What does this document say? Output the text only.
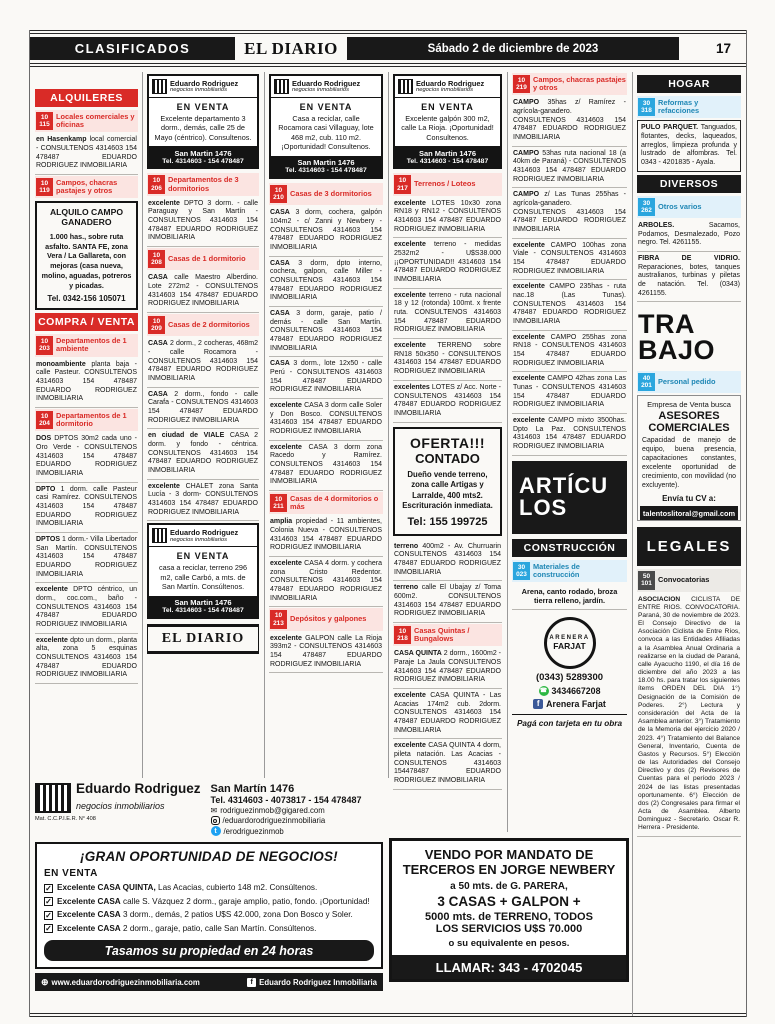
CLASIFICADOS	EL DIARIO	Sábado 2 de diciembre de 2023	17
ALQUILERES
10
115
Locales comerciales y oficinas

en Hasenkamp local comercial - CONSULTENOS 4314603 154 478487 EDUARDO RODRIGUEZ INMOBILIARIA

10
119
Campos, chacras pastajes y otros
ALQUILO CAMPO
GANADERO
1.000 has., sobre ruta asfalto. SANTA FE, zona Vera / La Gallareta, con mejoras (casa nueva, molino, aguadas, potreros y picadas.
Tel. 0342-156 105071
COMPRA / VENTA
10
203
Departamentos de 1 ambiente

monoambiente planta baja - calle Pasteur. CONSULTENOS 4314603 154 478487 EDUARDO RODRIGUEZ INMOBILIARIA

10
204
Departamentos de 1 dormitorio

DOS DPTOS 30m2 cada uno - Oro Verde - CONSULTENOS 4314603 154 478487 EDUARDO RODRIGUEZ INMOBILIARIA

DPTO 1 dorm. calle Pasteur casi Ramírez. CONSULTENOS 4314603 154 478487 EDUARDO RODRIGUEZ INMOBILIARIA

DPTOS 1 dorm.- Villa Libertador San Martín. CONSULTENOS 4314603 154 478487 EDUARDO RODRIGUEZ INMOBILIARIA

excelente DPTO céntrico, un dorm., coc.com., baño - CONSULTENOS 4314603 154 478487 EDUARDO RODRIGUEZ INMOBILIARIA

excelente dpto un dorm., planta alta, zona 5 esquinas CONSULTENOS 4314603 154 478487 EDUARDO RODRIGUEZ INMOBILIARIA

Eduardo Rodriguez
negocios inmobiliarios
EN VENTA
Excelente departamento 3 dorm., demás, calle 25 de Mayo (céntrico). Consultenos.
San Martin 1476
Tel. 4314603 - 154 478487
10
206
Departamentos de 3 dormitorios

excelente DPTO 3 dorm. - calle Paraguay y San Martín - CONSULTENOS 4314603 154 478487 EDUARDO RODRIGUEZ INMOBILIARIA

10
208 Casas de 1 dormitorio

CASA calle Maestro Alberdino. Lote 272m2 - CONSULTENOS 4314603 154 478487 EDUARDO RODRIGUEZ INMOBILIARIA

10
209 Casas de 2 dormitorios

CASA 2 dorm., 2 cocheras, 468m2 - calle Rocamora - CONSULTENOS 4314603 154 478487 EDUARDO RODRIGUEZ INMOBILIARIA

CASA 2 dorm., fondo - calle Carafa - CONSULTENOS 4314603 154 478487 EDUARDO RODRIGUEZ INMOBILIARIA

en ciudad de VIALE CASA 2 dorm. y fondo - céntrica. CONSULTENOS 4314603 154 478487 EDUARDO RODRIGUEZ INMOBILIARIA

excelente CHALET zona Santa Lucía - 3 dorm- CONSULTENOS 4314603 154 478487 EDUARDO RODRIGUEZ INMOBILIARIA

Eduardo Rodriguez
negocios inmobiliarios
EN VENTA
casa a reciclar, terreno 296 m2, calle Carbó, a mts. de San Martín. Consúltenos.
San Martin 1476
Tel. 4314603 - 154 478487
EL DIARIO
Eduardo Rodriguez
negocios inmobiliarios
EN VENTA
Casa a reciclar, calle Rocamora casi Villaguay, lote 468 m2, cub. 110 m2. ¡Oportunidad! Consultenos.
San Martin 1476
Tel. 4314603 - 154 478487
10
210 Casas de 3 dormitorios

CASA 3 dorm, cochera, galpón 104m2 - c/ Zanni y Newbery - CONSULTENOS 4314603 154 478487 EDUARDO RODRIGUEZ INMOBILIARIA

CASA 3 dorm, dpto interno, cochera, galpon, calle Miller - CONSULTENOS 4314603 154 478487 EDUARDO RODRIGUEZ INMOBILIARIA

CASA 3 dorm, garaje, patio / demás - calle San Martín. CONSULTENOS 4314603 154 478487 EDUARDO RODRIGUEZ INMOBILIARIA

CASA 3 dorm., lote 12x50 - calle Perú - CONSULTENOS 4314603 154 478487 EDUARDO RODRIGUEZ INMOBILIARIA

excelente CASA 3 dorm calle Soler y Don Bosco. CONSULTENOS 4314603 154 478487 EDUARDO RODRIGUEZ INMOBILIARIA

excelente CASA 3 dorm zona Racedo y Ramírez. CONSULTENOS 4314603 154 478487 EDUARDO RODRIGUEZ INMOBILIARIA

10
211
Casas de 4 dormitorios o más

amplia propiedad - 11 ambientes, Colonia Nueva - CONSULTENOS 4314603 154 478487 EDUARDO RODRIGUEZ INMOBILIARIA

excelente CASA 4 dorm. y cochera zona Cristo Redentor. CONSULTENOS 4314603 154 478487 EDUARDO RODRIGUEZ INMOBILIARIA

10
213 Depósitos y galpones

excelente GALPON calle La Rioja 393m2 - CONSULTENOS 4314603 154 478487 EDUARDO RODRIGUEZ INMOBILIARIA

Eduardo Rodriguez
negocios inmobiliarios
EN VENTA
Excelente galpón 300 m2, calle La Rioja. ¡Oportunidad! Consultenos.
San Martin 1476
Tel. 4314603 - 154 478487
10
217 Terrenos / Loteos

excelente LOTES 10x30 zona RN18 y RN12 - CONSULTENOS 4314603 154 478487 EDUARDO RODRIGUEZ INMOBILIARIA

excelente terreno - medidas 2532m2 - U$S38.000 ¡¡OPORTUNIDAD!! 4314603 154 478487 EDUARDO RODRIGUEZ INMOBILIARIA

excelente terreno - ruta nacional 18 y 12 (rotonda) 100mt. x frente ruta. CONSULTENOS 4314603 154 478487 EDUARDO RODRIGUEZ INMOBILIARIA

excelente TERRENO sobre RN18 50x350 - CONSULTENOS 4314603 154 478487 EDUARDO RODRIGUEZ INMOBILIARIA

excelentes LOTES z/ Acc. Norte - CONSULTENOS 4314603 154 478487 EDUARDO RODRIGUEZ INMOBILIARIA

OFERTA!!!
CONTADO
Dueño vende terreno, zona calle Artigas y Larralde, 400 mts2. Escrituración inmediata.
Tel: 155 199725

terreno 400m2 - Av. Churruarin CONSULTENOS 4314603 154 478487 EDUARDO RODRIGUEZ INMOBILIARIA

terreno calle El Ubajay z/ Toma 600m2. CONSULTENOS 4314603 154 478487 EDUARDO RODRIGUEZ INMOBILIARIA

10
218
Casas Quintas / Bungalows

CASA QUINTA 2 dorm., 1600m2 - Paraje La Jaula CONSULTENOS 4314603 154 478487 EDUARDO RODRIGUEZ INMOBILIARIA

excelente CASA QUINTA - Las Acacias 174m2 cub. 2dorm. CONSULTENOS 4314603 154 478487 EDUARDO RODRIGUEZ INMOBILIARIA

excelente CASA QUINTA 4 dorm, pileta natación. Las Acacias - CONSULTENOS 4314603 154478487 EDUARDO RODRIGUEZ INMOBILIARIA

10
219
Campos, chacras pastajes y otros

CAMPO 35has z/ Ramírez - agrícola-ganadero. CONSULTENOS 4314603 154 478487 EDUARDO RODRIGUEZ INMOBILIARIA

CAMPO 53has ruta nacional 18 (a 40km de Paraná) - CONSULTENOS 4314603 154 478487 EDUARDO RODRIGUEZ INMOBILIARIA

CAMPO z/ Las Tunas 255has - agrícola-ganadero. CONSULTENOS 4314603 154 478487 EDUARDO RODRIGUEZ INMOBILIARIA

excelente CAMPO 100has zona Viale - CONSULTENOS 4314603 154 478487 EDUARDO RODRIGUEZ INMOBILIARIA

excelente CAMPO 235has - ruta nac.18 (Las Tunas). CONSULTENOS 4314603 154 478487 EDUARDO RODRIGUEZ INMOBILIARIA

excelente CAMPO 255has zona RN18 - CONSULTENOS 4314603 154 478487 EDUARDO RODRIGUEZ INMOBILIARIA

excelente CAMPO 42has zona Las Tunas - CONSULTENOS 4314603 154 478487 EDUARDO RODRIGUEZ INMOBILIARIA

excelente CAMPO mixto 3500has. Dpto La Paz. CONSULTENOS 4314603 154 478487 EDUARDO RODRIGUEZ INMOBILIARIA

ARTÍCU
LOS
CONSTRUCCIÓN
30
023
Materiales de construcción

Arena, canto rodado, broza tierra relleno, jardín.

ARENERA
FARJAT
(0343) 5289300
☎ 3434667208
f Arenera Farjat
Pagá con tarjeta en tu obra
HOGAR
30
318
Reformas y refacciones

PULO PARQUET. Tanguados, flotantes, decks, laqueados, arreglos, limpieza profunda y lustrado de alfombras. Tel. 0343 - 4201835 - Ayala.

DIVERSOS
30
262 Otros varios

ARBOLES. Sacamos, Podamos, Desmalezado, Pozo negro. Tel. 4261155.

FIBRA DE VIDRIO. Reparaciones, botes, tanques australianos, turbinas y piletas de natación. Tel. (0343) 4261155.

TRA
BAJO
40
201 Personal pedido
Empresa de Venta busca
ASESORES COMERCIALES
Capacidad de manejo de equipo, buena presencia, capacitaciones constantes, excelente oportunidad de crecimiento, con movilidad (no excluyente).
Envía tu CV a:
talentoslitoral@gmail.com
LEGALES
50
101 Convocatorias

ASOCIACION CICLISTA DE ENTRE RIOS. CONVOCATORIA. Paraná, 30 de noviembre de 2023. El Consejo Directivo de la Asociación Ciclista de Entre Ríos, convoca a las Entidades Afiliadas a la Asamblea Anual Ordinaria a realizarse en la ciudad de Paraná, calle Ayacucho 1190, el día 16 de diciembre del año 2023 a las 18.00 hs. para tratar los siguientes ítems ORDEN DEL DIA 1°) Designación de la Comisión de Poderes. 2°) Lectura y consideración del Acta de la Asamblea anterior. 3°) Tratamiento de la Memoria del ejercicio 2020 / 2023. 4°) Tratamiento del Balance General, Inventario, Cuenta de Gastos y Recursos. 5°) Elección de las Autoridades del Consejo Directivo y dos (2) Revisores de Cuentas para el período 2023 / 2024 de las listas presentadas oportunamente. 6°) Elección de dos (2) Congresales para firmar el Acta de Asamblea. Alberto Dominguez - Secretario. Oscar R. Herrera - Presidente.

Eduardo Rodriguez
negocios inmobiliarios
Mat. C.C.P.I.E.R. N° 408
San Martín 1476
Tel. 4314603 - 4073817 - 154 478487
✉ rodriguezinmob@gigared.com
/eduardorodriguezinmobiliaria
t /erodriguezinmob
¡GRAN OPORTUNIDAD DE NEGOCIOS!
EN VENTA
✓ Excelente CASA QUINTA, Las Acacias, cubierto 148 m2. Consúltenos.
✓ Excelente CASA calle S. Vázquez 2 dorm., garaje amplio, patio, fondo. ¡Oportunidad!
✓ Excelente CASA 3 dorm., demás, 2 patios U$S 42.000, zona Don Bosco y Soler.
✓ Excelente CASA 2 dorm., garaje, patio, calle San Martín. Consúltenos.
Tasamos su propiedad en 24 horas
⊕ www.eduardorodriguezinmobiliaria.com	f Eduardo Rodriguez Inmobiliaria
VENDO POR MANDATO DE
TERCEROS EN JORGE NEWBERY
a 50 mts. de G. PARERA,
3 CASAS + GALPON +
5000 mts. de TERRENO, TODOS
LOS SERVICIOS U$S 70.000
o su equivalente en pesos.
LLAMAR: 343 - 4702045
